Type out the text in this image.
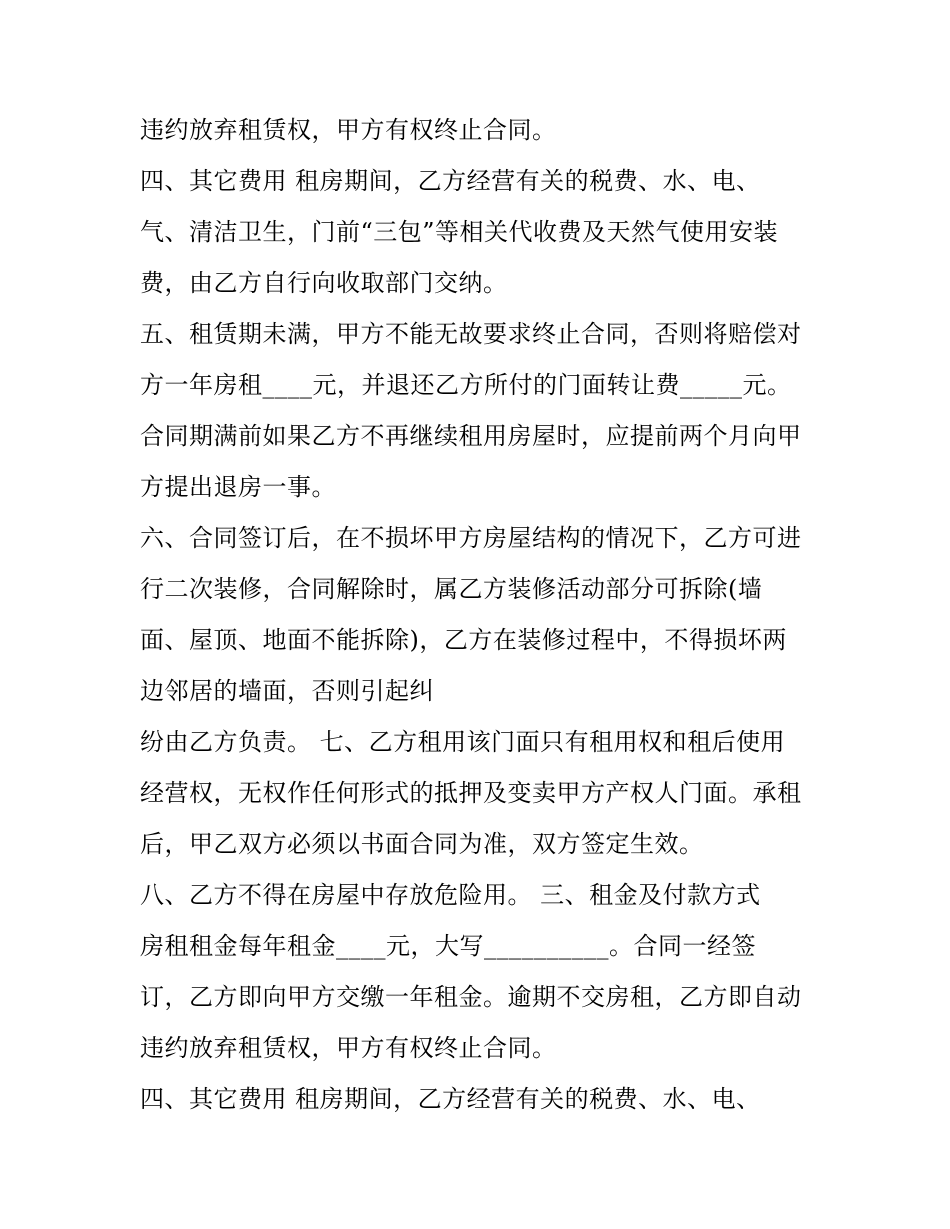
违约放弃租赁权，甲方有权终止合同。
四、其它费用 租房期间，乙方经营有关的税费、水、电、
气、清洁卫生，门前“三包”等相关代收费及天然气使用安装
费，由乙方自行向收取部门交纳。
五、租赁期未满，甲方不能无故要求终止合同，否则将赔偿对
方一年房租____元，并退还乙方所付的门面转让费_____元。
合同期满前如果乙方不再继续租用房屋时，应提前两个月向甲
方提出退房一事。
六、合同签订后，在不损坏甲方房屋结构的情况下，乙方可进
行二次装修，合同解除时，属乙方装修活动部分可拆除(墙
面、屋顶、地面不能拆除)，乙方在装修过程中，不得损坏两
边邻居的墙面，否则引起纠
纷由乙方负责。 七、乙方租用该门面只有租用权和租后使用
经营权，无权作任何形式的抵押及变卖甲方产权人门面。承租
后，甲乙双方必须以书面合同为准，双方签定生效。
八、乙方不得在房屋中存放危险用。 三、租金及付款方式
房租租金每年租金____元，大写__________。合同一经签
订，乙方即向甲方交缴一年租金。逾期不交房租，乙方即自动
违约放弃租赁权，甲方有权终止合同。
四、其它费用 租房期间，乙方经营有关的税费、水、电、
